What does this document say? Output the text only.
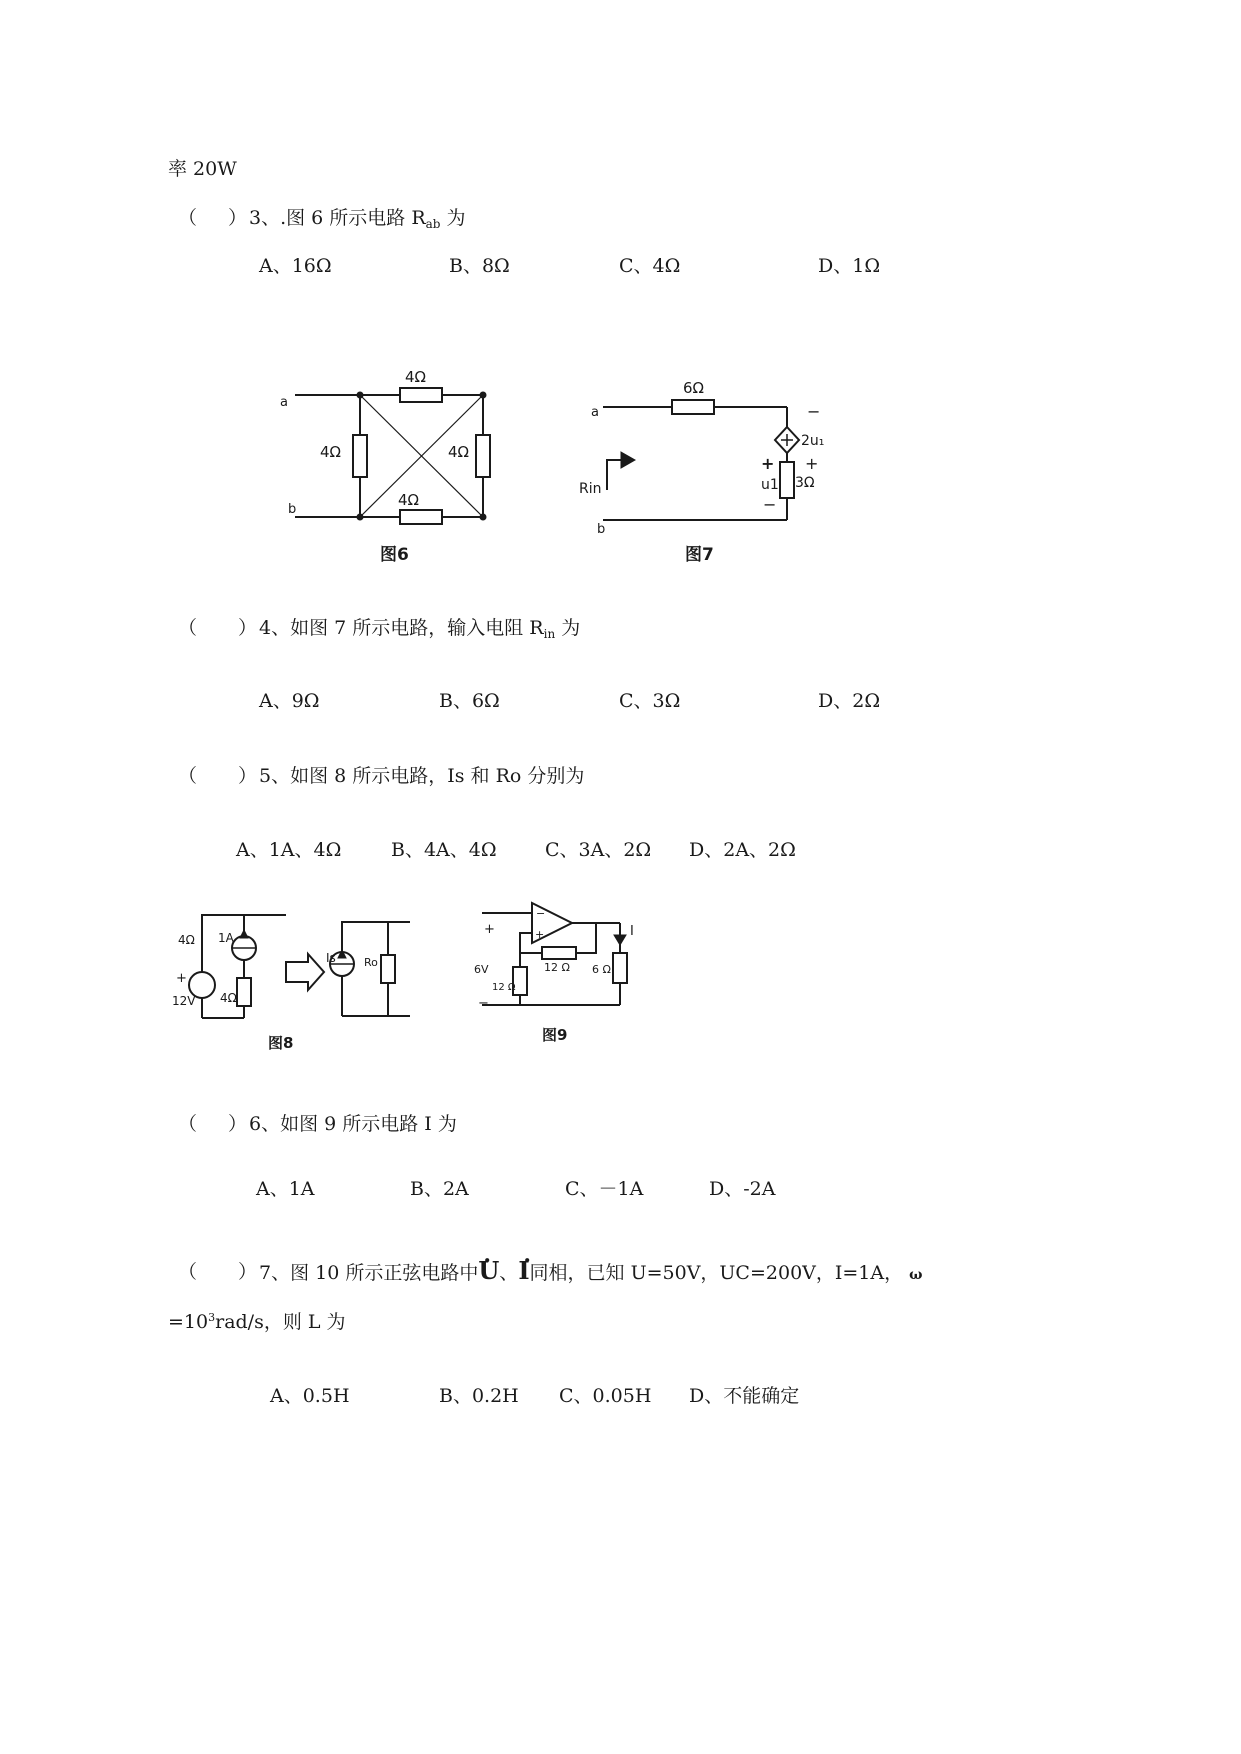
率 20W
（ ） 3、.图 6 所示电路 $R_{ab}$ 为
A、16Ω	B、8Ω	C、4Ω	D、1Ω
a
b
4Ω
4Ω	4Ω
4Ω
图6
a
b
6Ω
2u₁
3Ω
u1
+ +
−
−
Rin
图7
（ ） 4、如图 7 所示电路，输入电阻 $R_{in}$ 为
A、9Ω	B、6Ω	C、3Ω	D、2Ω
（ ） 5、如图 8 所示电路，Is 和 Ro 分别为
A、1A、4Ω	B、4A、4Ω	C、3A、2Ω D、2A、2Ω
4Ω 1A
+
12V 4Ω
Is	Ro
图8
+
6V	12 Ω 6 Ω
12 Ω
I
−
−
+
图9
（ ） 6、如图 9 所示电路 I 为
A、1A	B、2A	C、－1A	D、-2A
（ ） 7、图 10 所示正弦电路中. U、. I同相，已知 U=50V，UC=200V，I=1A， ω
$=10^3rad/s$，则 L 为
A、0.5H	B、0.2H C、0.05H D、不能确定
